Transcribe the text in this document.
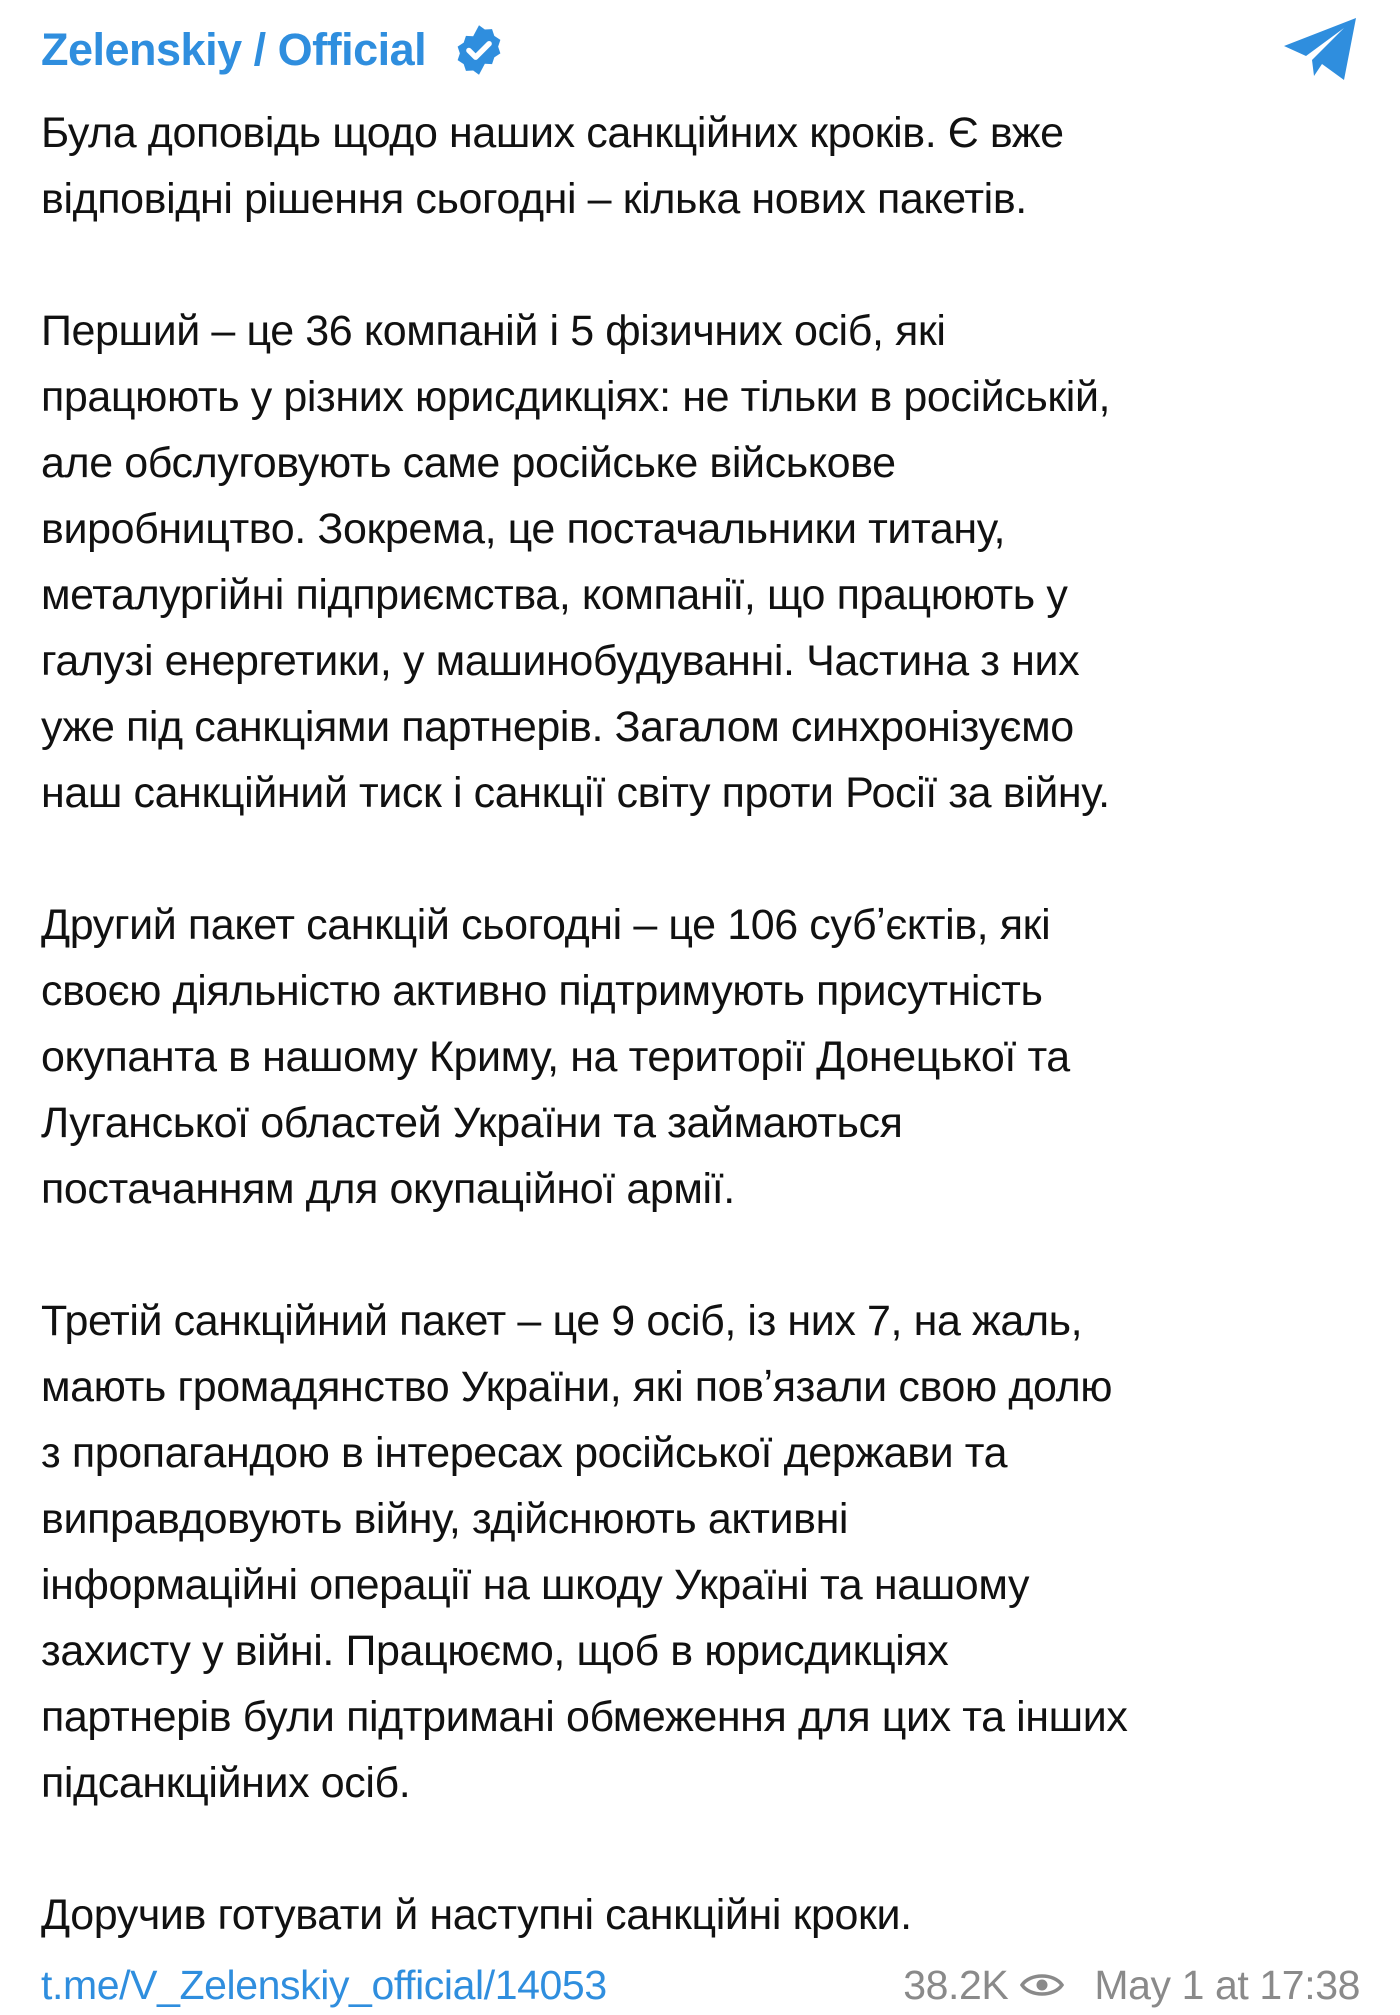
Zelenskiy / Official
Була доповідь щодо наших санкційних кроків. Є вже
відповідні рішення сьогодні – кілька нових пакетів.
Перший – це 36 компаній і 5 фізичних осіб, які
працюють у різних юрисдикціях: не тільки в російській,
але обслуговують саме російське військове
виробництво. Зокрема, це постачальники титану,
металургійні підприємства, компанії, що працюють у
галузі енергетики, у машинобудуванні. Частина з них
уже під санкціями партнерів. Загалом синхронізуємо
наш санкційний тиск і санкції світу проти Росії за війну.
Другий пакет санкцій сьогодні – це 106 субʼєктів, які
своєю діяльністю активно підтримують присутність
окупанта в нашому Криму, на території Донецької та
Луганської областей України та займаються
постачанням для окупаційної армії.
Третій санкційний пакет – це 9 осіб, із них 7, на жаль,
мають громадянство України, які повʼязали свою долю
з пропагандою в інтересах російської держави та
виправдовують війну, здійснюють активні
інформаційні операції на шкоду Україні та нашому
захисту у війні. Працюємо, щоб в юрисдикціях
партнерів були підтримані обмеження для цих та інших
підсанкційних осіб.
Доручив готувати й наступні санкційні кроки.
t.me/V_Zelenskiy_official/14053	38.2K May 1 at 17:38
